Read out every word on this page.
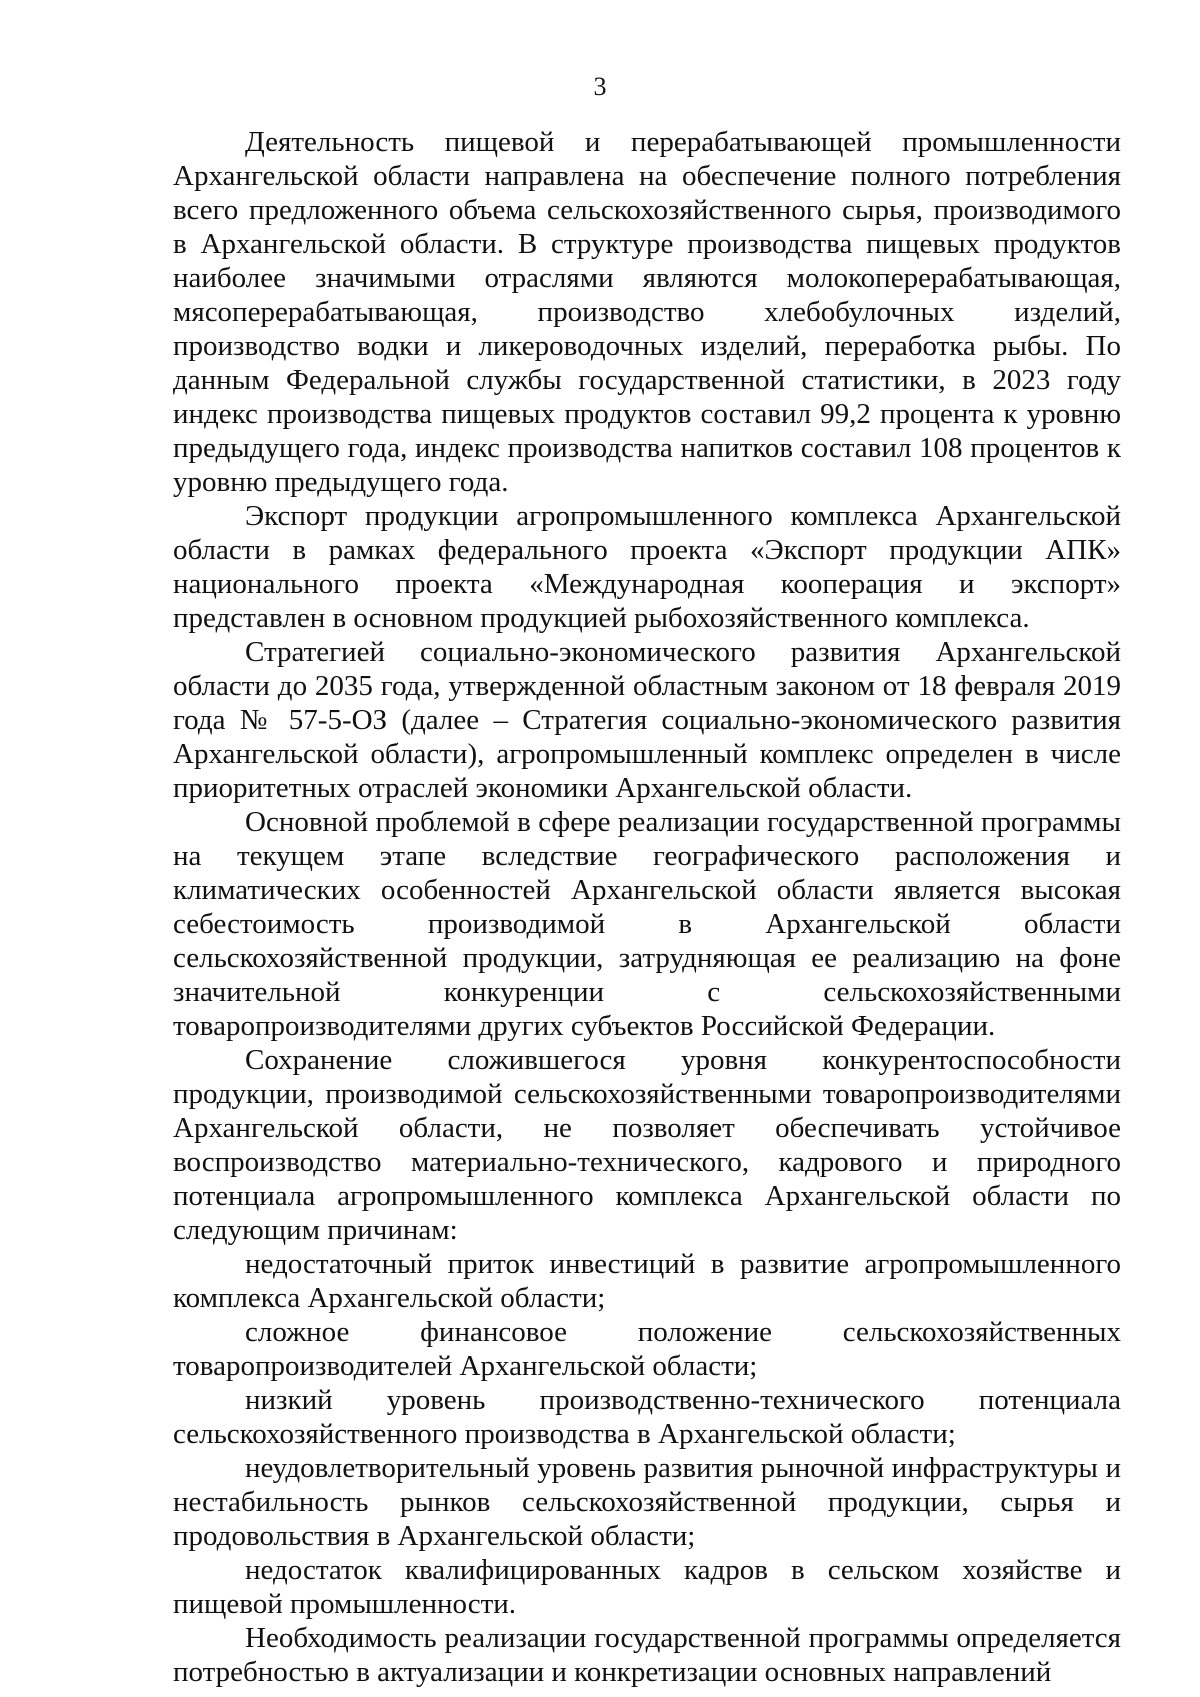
3

Деятельность пищевой и перерабатывающей промышленности Архангельской области направлена на обеспечение полного потребления всего предложенного объема сельскохозяйственного сырья, производимого в Архангельской области. В структуре производства пищевых продуктов наиболее значимыми отраслями являются молокоперерабатывающая, мясоперерабатывающая, производство хлебобулочных изделий, производство водки и ликероводочных изделий, переработка рыбы. По данным Федеральной службы государственной статистики, в 2023 году индекс производства пищевых продуктов составил 99,2 процента к уровню предыдущего года, индекс производства напитков составил 108 процентов к уровню предыдущего года.

Экспорт продукции агропромышленного комплекса Архангельской области в рамках федерального проекта «Экспорт продукции АПК» национального проекта «Международная кооперация и экспорт» представлен в основном продукцией рыбохозяйственного комплекса.

Стратегией социально-экономического развития Архангельской области до 2035 года, утвержденной областным законом от 18 февраля 2019 года № 57-5-ОЗ (далее – Стратегия социально-экономического развития Архангельской области), агропромышленный комплекс определен в числе приоритетных отраслей экономики Архангельской области.

Основной проблемой в сфере реализации государственной программы на текущем этапе вследствие географического расположения и климатических особенностей Архангельской области является высокая себестоимость производимой в Архангельской области сельскохозяйственной продукции, затрудняющая ее реализацию на фоне значительной конкуренции с сельскохозяйственными товаропроизводителями других субъектов Российской Федерации.

Сохранение сложившегося уровня конкурентоспособности продукции, производимой сельскохозяйственными товаропроизводителями Архангельской области, не позволяет обеспечивать устойчивое воспроизводство материально-технического, кадрового и природного потенциала агропромышленного комплекса Архангельской области по следующим причинам:

недостаточный приток инвестиций в развитие агропромышленного комплекса Архангельской области;

сложное финансовое положение сельскохозяйственных товаропроизводителей Архангельской области;

низкий уровень производственно-технического потенциала сельскохозяйственного производства в Архангельской области;

неудовлетворительный уровень развития рыночной инфраструктуры и нестабильность рынков сельскохозяйственной продукции, сырья и продовольствия в Архангельской области;

недостаток квалифицированных кадров в сельском хозяйстве и пищевой промышленности.

Необходимость реализации государственной программы определяется потребностью в актуализации и конкретизации основных направлений
